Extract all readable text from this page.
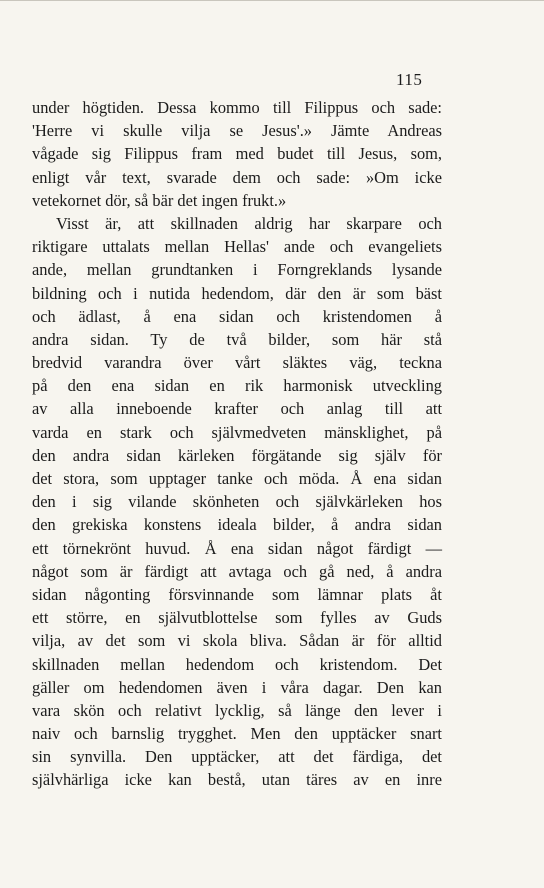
115
under högtiden. Dessa kommo till Filippus och sade:
'Herre vi skulle vilja se Jesus'.» Jämte Andreas
vågade sig Filippus fram med budet till Jesus, som,
enligt vår text, svarade dem och sade: »Om icke
vetekornet dör, så bär det ingen frukt.»
Visst är, att skillnaden aldrig har skarpare och
riktigare uttalats mellan Hellas' ande och evangeliets
ande, mellan grundtanken i Forngreklands lysande
bildning och i nutida hedendom, där den är som bäst
och ädlast, å ena sidan och kristendomen å
andra sidan. Ty de två bilder, som här stå
bredvid varandra över vårt släktes väg, teckna
på den ena sidan en rik harmonisk utveckling
av alla inneboende krafter och anlag till att
varda en stark och självmedveten mänsklighet, på
den andra sidan kärleken förgätande sig själv för
det stora, som upptager tanke och möda. Å ena sidan
den i sig vilande skönheten och självkärleken hos
den grekiska konstens ideala bilder, å andra sidan
ett törnekrönt huvud. Å ena sidan något färdigt —
något som är färdigt att avtaga och gå ned, å andra
sidan någonting försvinnande som lämnar plats åt
ett större, en självutblottelse som fylles av Guds
vilja, av det som vi skola bliva. Sådan är för alltid
skillnaden mellan hedendom och kristendom. Det
gäller om hedendomen även i våra dagar. Den kan
vara skön och relativt lycklig, så länge den lever i
naiv och barnslig trygghet. Men den upptäcker snart
sin synvilla. Den upptäcker, att det färdiga, det
självhärliga icke kan bestå, utan täres av en inre
